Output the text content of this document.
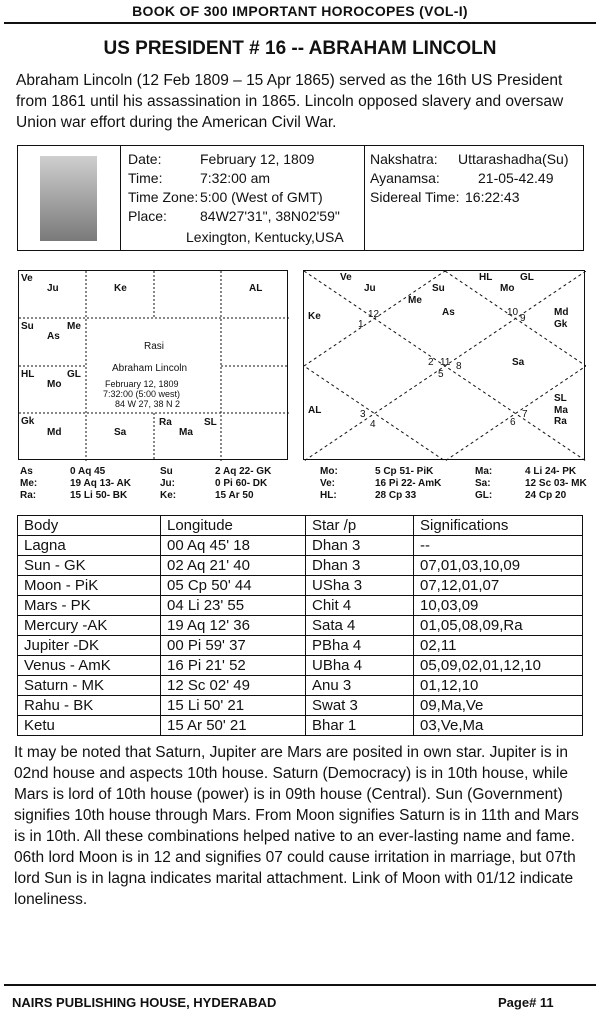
BOOK OF 300 IMPORTANT HOROCOPES (VOL-I)
US PRESIDENT # 16 -- ABRAHAM LINCOLN
Abraham Lincoln (12 Feb 1809 – 15 Apr 1865) served as the 16th US President from 1861 until his assassination in 1865. Lincoln opposed slavery and oversaw Union war effort during the American Civil War.
Date:	February 12, 1809
Time:	7:32:00 am
Time Zone: 5:00 (West of GMT)
Place: 84W27'31", 38N02'59"
Lexington, Kentucky,USA
Nakshatra: Uttarashadha(Su)
Ayanamsa:	21-05-42.49
Sidereal Time: 16:22:43
Ve
Ju	Ke	AL
Su	Me
As
HL	GL
Mo
Gk
Md	Sa
Ra
Ma
SL
Rasi
Abraham Lincoln
February 12, 1809
7:32:00 (5:00 west)
84 W 27, 38 N 2
Ve
Ju	Su
Me
As
HL	GL
Mo
Md
Gk
Ke
Sa
AL
SL
Ma
Ra
12
1
11
10
9
2 8
5
3
4	6
7
As	0 Aq 45	Su	2 Aq 22- GK	Mo:	5 Cp 51- PiK	Ma:	4 Li 24- PK
Me:	19 Aq 13- AK	Ju:	0 Pi 60- DK	Ve:	16 Pi 22- AmK	Sa:	12 Sc 03- MK
Ra:	15 Li 50- BK	Ke:	15 Ar 50	HL:	28 Cp 33	GL:	24 Cp 20
Body	Longitude	Star /p	Significations
Lagna	00 Aq 45' 18	Dhan 3	--
Sun - GK	02 Aq 21' 40	Dhan 3	07,01,03,10,09
Moon - PiK	05 Cp 50' 44	USha 3	07,12,01,07
Mars - PK	04 Li 23' 55	Chit 4	10,03,09
Mercury -AK	19 Aq 12' 36	Sata 4	01,05,08,09,Ra
Jupiter -DK	00 Pi 59' 37	PBha 4	02,11
Venus - AmK	16 Pi 21' 52	UBha 4	05,09,02,01,12,10
Saturn - MK	12 Sc 02' 49	Anu 3	01,12,10
Rahu - BK	15 Li 50' 21	Swat 3	09,Ma,Ve
Ketu	15 Ar 50' 21	Bhar 1	03,Ve,Ma
It may be noted that Saturn, Jupiter are Mars are posited in own star. Jupiter is in 02nd house and aspects 10th house. Saturn (Democracy) is in 10th house, while Mars is lord of 10th house (power) is in 09th house (Central). Sun (Government) signifies 10th house through Mars. From Moon signifies Saturn is in 11th and Mars is in 10th. All these combinations helped native to an ever-lasting name and fame. 06th lord Moon is in 12 and signifies 07 could cause irritation in marriage, but 07th lord Sun is in lagna indicates marital attachment. Link of Moon with 01/12 indicate loneliness.
NAIRS PUBLISHING HOUSE, HYDERABAD	Page# 11
